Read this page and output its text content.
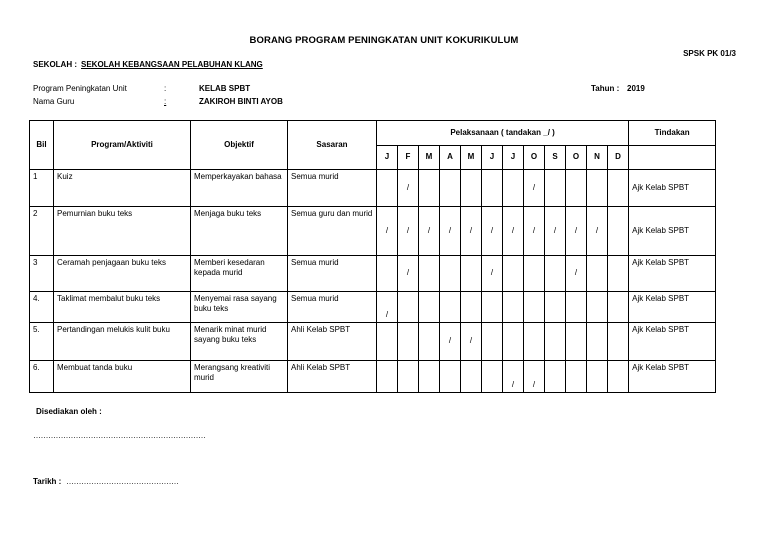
BORANG PROGRAM PENINGKATAN UNIT KOKURIKULUM
SPSK PK 01/3
SEKOLAH : SEKOLAH KEBANGSAAN PELABUHAN KLANG
Program Peningkatan Unit	:	KELAB SPBT
Nama Guru	:	ZAKIROH BINTI AYOB
Tahun : 2019
Bil	Program/Aktiviti	Objektif	Sasaran	Pelaksanaan ( tandakan _/ )												Tindakan
				J	F	M	A	M	J	J	O	S	O	N	D	
1	Kuiz	Memperkayakan bahasa	Semua murid		/						/					Ajk Kelab SPBT
2	Pemurnian buku teks	Menjaga buku teks	Semua guru dan murid	/	/	/	/	/	/	/	/	/	/	/		Ajk Kelab SPBT
3	Ceramah penjagaan buku teks	Memberi kesedaran kepada murid	Semua murid		/				/				/			Ajk Kelab SPBT
4.	Taklimat membalut buku teks	Menyemai rasa sayang buku teks	Semua murid	/												Ajk Kelab SPBT
5.	Pertandingan melukis kulit buku	Menarik minat murid sayang buku teks	Ahli Kelab SPBT				/	/								Ajk Kelab SPBT
6.	Membuat tanda buku	Merangsang kreativiti murid	Ahli Kelab SPBT							/	/					Ajk Kelab SPBT
Disediakan oleh :
……………………………………………………………
Tarikh : ………………………………………
